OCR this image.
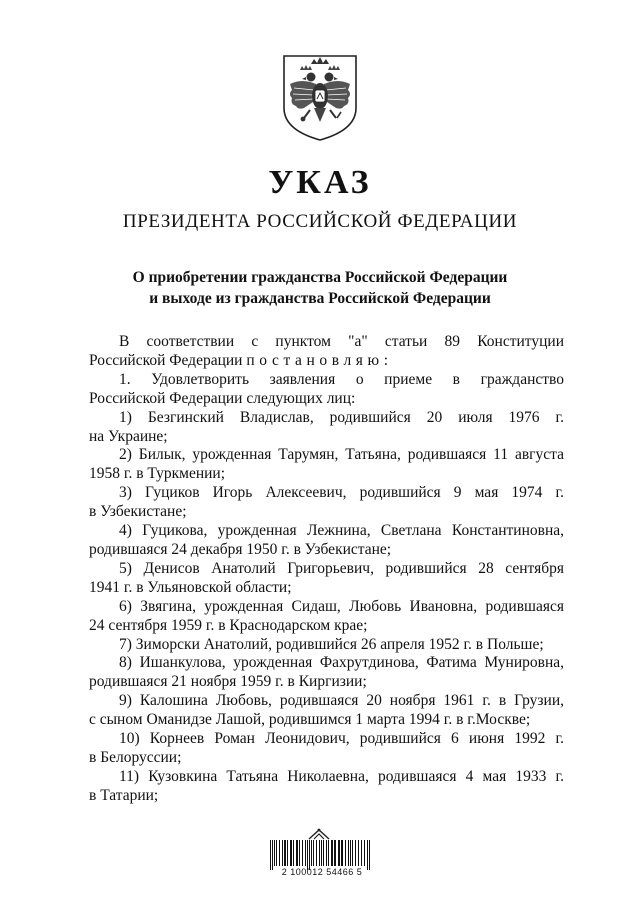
УКАЗ
ПРЕЗИДЕНТА РОССИЙСКОЙ ФЕДЕРАЦИИ
О приобретении гражданства Российской Федерации
и выходе из гражданства Российской Федерации

В соответствии с пунктом "а" статьи 89 Конституции
Российской Федерации постановляю:

1. Удовлетворить заявления о приеме в гражданство
Российской Федерации следующих лиц:

1) Безгинский Владислав, родившийся 20 июля 1976 г.
на Украине;

2) Билык, урожденная Тарумян, Татьяна, родившаяся 11 августа
1958 г. в Туркмении;

3) Гуциков Игорь Алексеевич, родившийся 9 мая 1974 г.
в Узбекистане;

4) Гуцикова, урожденная Лежнина, Светлана Константиновна,
родившаяся 24 декабря 1950 г. в Узбекистане;

5) Денисов Анатолий Григорьевич, родившийся 28 сентября
1941 г. в Ульяновской области;

6) Звягина, урожденная Сидаш, Любовь Ивановна, родившаяся
24 сентября 1959 г. в Краснодарском крае;

7) Зиморски Анатолий, родившийся 26 апреля 1952 г. в Польше;

8) Ишанкулова, урожденная Фахрутдинова, Фатима Мунировна,
родившаяся 21 ноября 1959 г. в Киргизии;

9) Калошина Любовь, родившаяся 20 ноября 1961 г. в Грузии,
с сыном Оманидзе Лашой, родившимся 1 марта 1994 г. в г.Москве;

10) Корнеев Роман Леонидович, родившийся 6 июня 1992 г.
в Белоруссии;

11) Кузовкина Татьяна Николаевна, родившаяся 4 мая 1933 г.
в Татарии;

2 100012 54466 5
